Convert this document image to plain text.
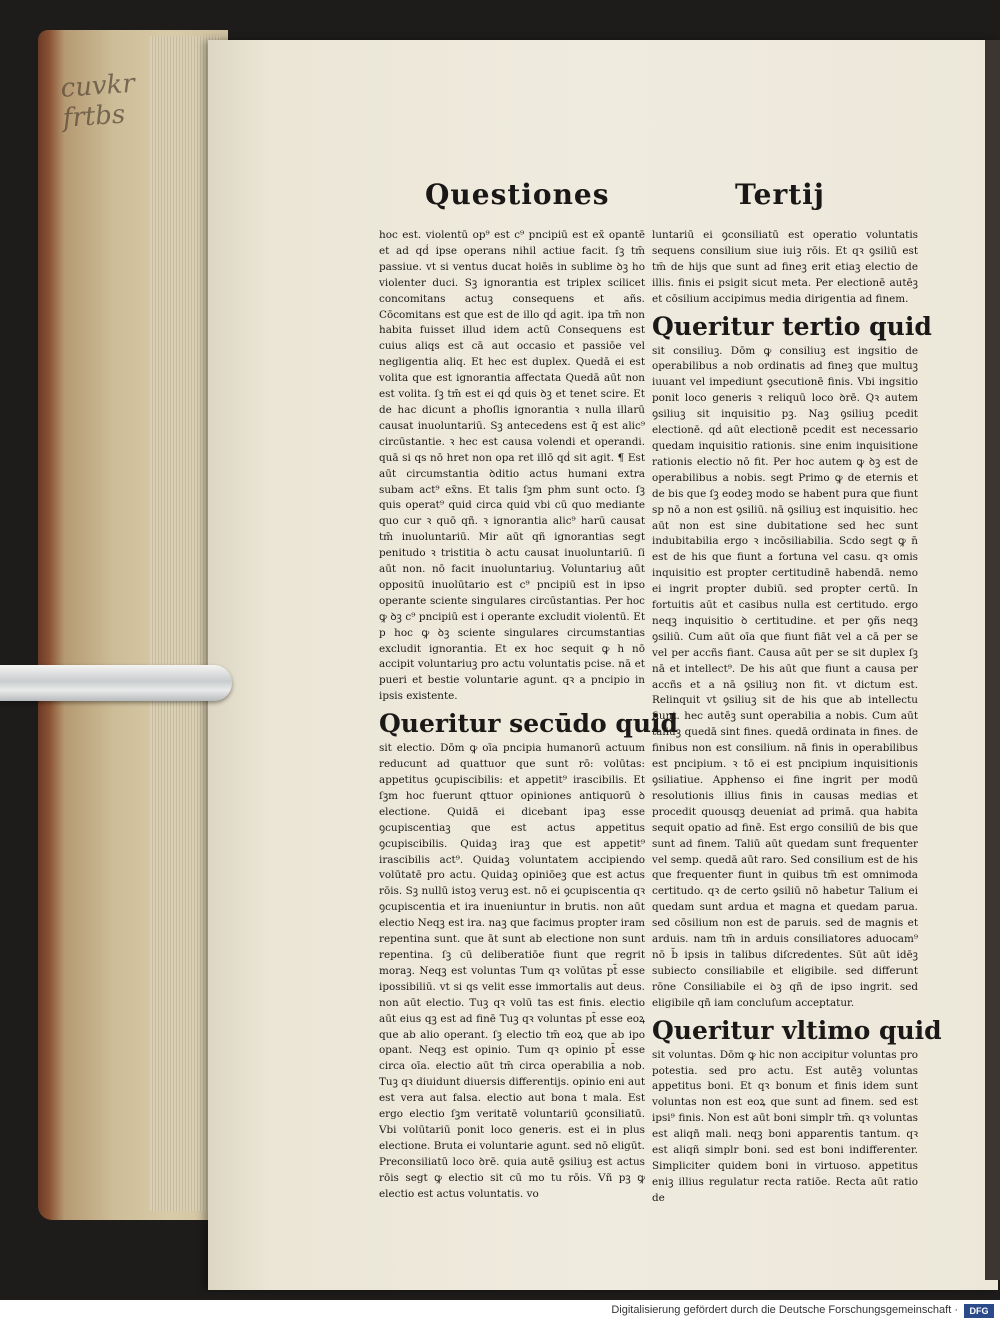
cuvkr
frtbs
Questiones	Tertij

hoc est. violentū op⁹ est c⁹ pncipiū est ex̄ opantē et ad qḋ ipse operans nihil actiue facit. ſꝫ tm̄ passiue. vt si ventus ducat hoiēs in sublime ꝺꝫ ho violenter duci. Sꝫ ignorantia est triplex scilicet concomitans actuꝫ consequens et añs. Cōcomitans est que est de illo qḋ agit. ipa tm̄ non habita fuisset illud idem actū Consequens est cuius aliqs est cā aut occasio et passiōe vel negligentia aliq. Et hec est duplex. Quedā ei est volita que est ignorantia affectata Quedā aūt non est volita. ſꝫ tm̄ est ei qḋ quis ꝺꝫ et tenet scire. Et de hac dicunt a phoſlis ignorantia ꝛ nulla illarū causat inuoluntariū. Sꝫ antecedens est q̄ est alic⁹ circūstantie. ꝛ hec est causa volendi et operandi. quā si qs nō hret non opa ret illō qḋ sit agit. ¶ Est aūt circumstantia ꝺditio actus humani extra subam act⁹ ex̄ns. Et talis ſꝫm phm sunt octo. ſꝫ quis operat⁹ quid circa quid vbi cū quo mediante quo cur ꝛ quō qñ. ꝛ ignorantia alic⁹ harū causat tm̄ inuoluntariū. Mir aūt qñ ignorantias segt penitudo ꝛ tristitia ꝺ actu causat inuoluntariū. ſi aūt non. nō facit inuoluntariuꝫ. Voluntariuꝫ aūt oppositū inuolūtario est c⁹ pncipiū est in ipso operante sciente singulares circūstantias. Per hoc ꝙ ꝺꝫ c⁹ pncipiū est i operante excludit violentū. Et p hoc ꝙ ꝺꝫ sciente singulares circumstantias excludit ignorantia. Et ex hoc sequit ꝙ h nō accipit voluntariuꝫ pro actu voluntatis pcise. nā et pueri et bestie voluntarie agunt. qꝛ a pncipio in ipsis existente.

Queritur secūdo quid

sit electio. Dōm ꝙ oīa pncipia humanorū actuum reducunt ad quattuor que sunt rō: volūtas: appetitus ꝯcupiscibilis: et appetit⁹ irascibilis. Et ſꝫm hoc fuerunt qttuor opiniones antiquorū ꝺ electione. Quidā ei dicebant ipaꝫ esse ꝯcupiscentiaꝫ que est actus appetitus ꝯcupiscibilis. Quidaꝫ iraꝫ que est appetit⁹ irascibilis act⁹. Quidaꝫ voluntatem accipiendo volūtatē pro actu. Quidaꝫ opiniōeꝫ que est actus rōis. Sꝫ nullū istoꝫ veruꝫ est. nō ei ꝯcupiscentia qꝛ ꝯcupiscentia et ira inueniuntur in brutis. non aūt electio Neqꝫ est ira. naꝫ que facimus propter iram repentina sunt. que āt sunt ab electione non sunt repentina. ſꝫ cū deliberatiōe fiunt que regrit moraꝫ. Neqꝫ est voluntas Tum qꝛ volūtas pt̄ esse ipossibiliū. vt si qs velit esse immortalis aut deus. non aūt electio. Tuꝫ qꝛ volū tas est finis. electio aūt eius qꝫ est ad finē Tuꝫ qꝛ voluntas pt̄ esse eoꝝ que ab alio operant. ſꝫ electio tm̄ eoꝝ que ab ipo opant. Neqꝫ est opinio. Tum qꝛ opinio pt̄ esse circa oīa. electio aūt tm̄ circa operabilia a nob. Tuꝫ qꝛ diuidunt diuersis differentijs. opinio eni aut est vera aut falsa. electio aut bona t mala. Est ergo electio ſꝫm veritatē voluntariū ꝯconsiliatū. Vbi volūtariū ponit loco generis. est ei in plus electione. Bruta ei voluntarie agunt. sed nō eligūt. Preconsiliatū loco ꝺrē. quia autē ꝯsiliuꝫ est actus rōis segt ꝙ electio sit cū mo tu rōis. Vñ pꝫ ꝙ electio est actus voluntatis. vo

luntariū ei ꝯconsiliatū est operatio voluntatis sequens consilium siue iuiꝫ rōis. Et qꝛ ꝯsiliū est tm̄ de hijs que sunt ad fineꝫ erit etiaꝫ electio de illis. finis ei psigit sicut meta. Per electionē autēꝫ et cōsilium accipimus media dirigentia ad finem.

Queritur tertio quid

sit consiliuꝫ. Dōm ꝙ consiliuꝫ est ingsitio de operabilibus a nob ordinatis ad fineꝫ que multuꝫ iuuant vel impediunt ꝯsecutionē finis. Vbi ingsitio ponit loco generis ꝛ reliquū loco ꝺrē. Qꝛ autem ꝯsiliuꝫ sit inquisitio pꝫ. Naꝫ ꝯsiliuꝫ pcedit electionē. qḋ aūt electionē pcedit est necessario quedam inquisitio rationis. sine enim inquisitione rationis electio nō fit. Per hoc autem ꝙ ꝺꝫ est de operabilibus a nobis. segt Primo ꝙ de eternis et de bis que ſꝫ eodeꝫ modo se habent pura que fiunt sp nō a non est ꝯsiliū. nā ꝯsiliuꝫ est inquisitio. hec aūt non est sine dubitatione sed hec sunt indubitabilia ergo ꝛ incōsiliabilia. Scdo segt ꝙ n̄ est de his que fiunt a fortuna vel casu. qꝛ omis inquisitio est propter certitudinē habendā. nemo ei ingrit propter dubiū. sed propter certū. In fortuitis aūt et casibus nulla est certitudo. ergo neqꝫ inquisitio ꝺ certitudine. et per ꝯñs neqꝫ ꝯsiliū. Cum aūt oīa que fiunt fiāt vel a cā per se vel per accñs fiant. Causa aūt per se sit duplex ſꝫ nā et intellect⁹. De his aūt que fiunt a causa per accñs et a nā ꝯsiliuꝫ non fit. vt dictum est. Relinquit vt ꝯsiliuꝫ sit de his que ab intellectu fiunt. hec autēꝫ sunt operabilia a nobis. Cum aūt taliuꝫ quedā sint fines. quedā ordinata in fines. de finibus non est consilium. nā finis in operabilibus est pncipium. ꝛ tō ei est pncipium inquisitionis ꝯsiliatiue. Apphenso ei fine ingrit per modū resolutionis illius finis in causas medias et procedit quousqꝫ deueniat ad primā. qua habita sequit opatio ad finē. Est ergo consiliū de bis que sunt ad finem. Taliū aūt quedam sunt frequenter vel semp. quedā aūt raro. Sed consilium est de his que frequenter fiunt in quibus tm̄ est omnimoda certitudo. qꝛ de certo ꝯsiliū nō habetur Talium ei quedam sunt ardua et magna et quedam parua. sed cōsilium non est de paruis. sed de magnis et arduis. nam tm̄ in arduis consiliatores aduocam⁹ nō b̄ ipsis in talibus diſcredentes. Sūt aūt idēꝫ subiecto consiliabile et eligibile. sed differunt rōne Consiliabile ei ꝺꝫ qñ de ipso ingrit. sed eligibile qñ iam concluſum acceptatur.

Queritur vltimo quid

sit voluntas. Dōm ꝙ hic non accipitur voluntas pro potestia. sed pro actu. Est autēꝫ voluntas appetitus boni. Et qꝛ bonum et finis idem sunt voluntas non est eoꝝ que sunt ad finem. sed est ipsi⁹ finis. Non est aūt boni simplr tm̄. qꝛ voluntas est aliqñ mali. neqꝫ boni apparentis tantum. qꝛ est aliqñ simplr boni. sed est boni indifferenter. Simpliciter quidem boni in virtuoso. appetitus eniꝫ illius regulatur recta ratiōe. Recta aūt ratio de

Digitalisierung gefördert durch die Deutsche Forschungsgemeinschaft ·	DFG
